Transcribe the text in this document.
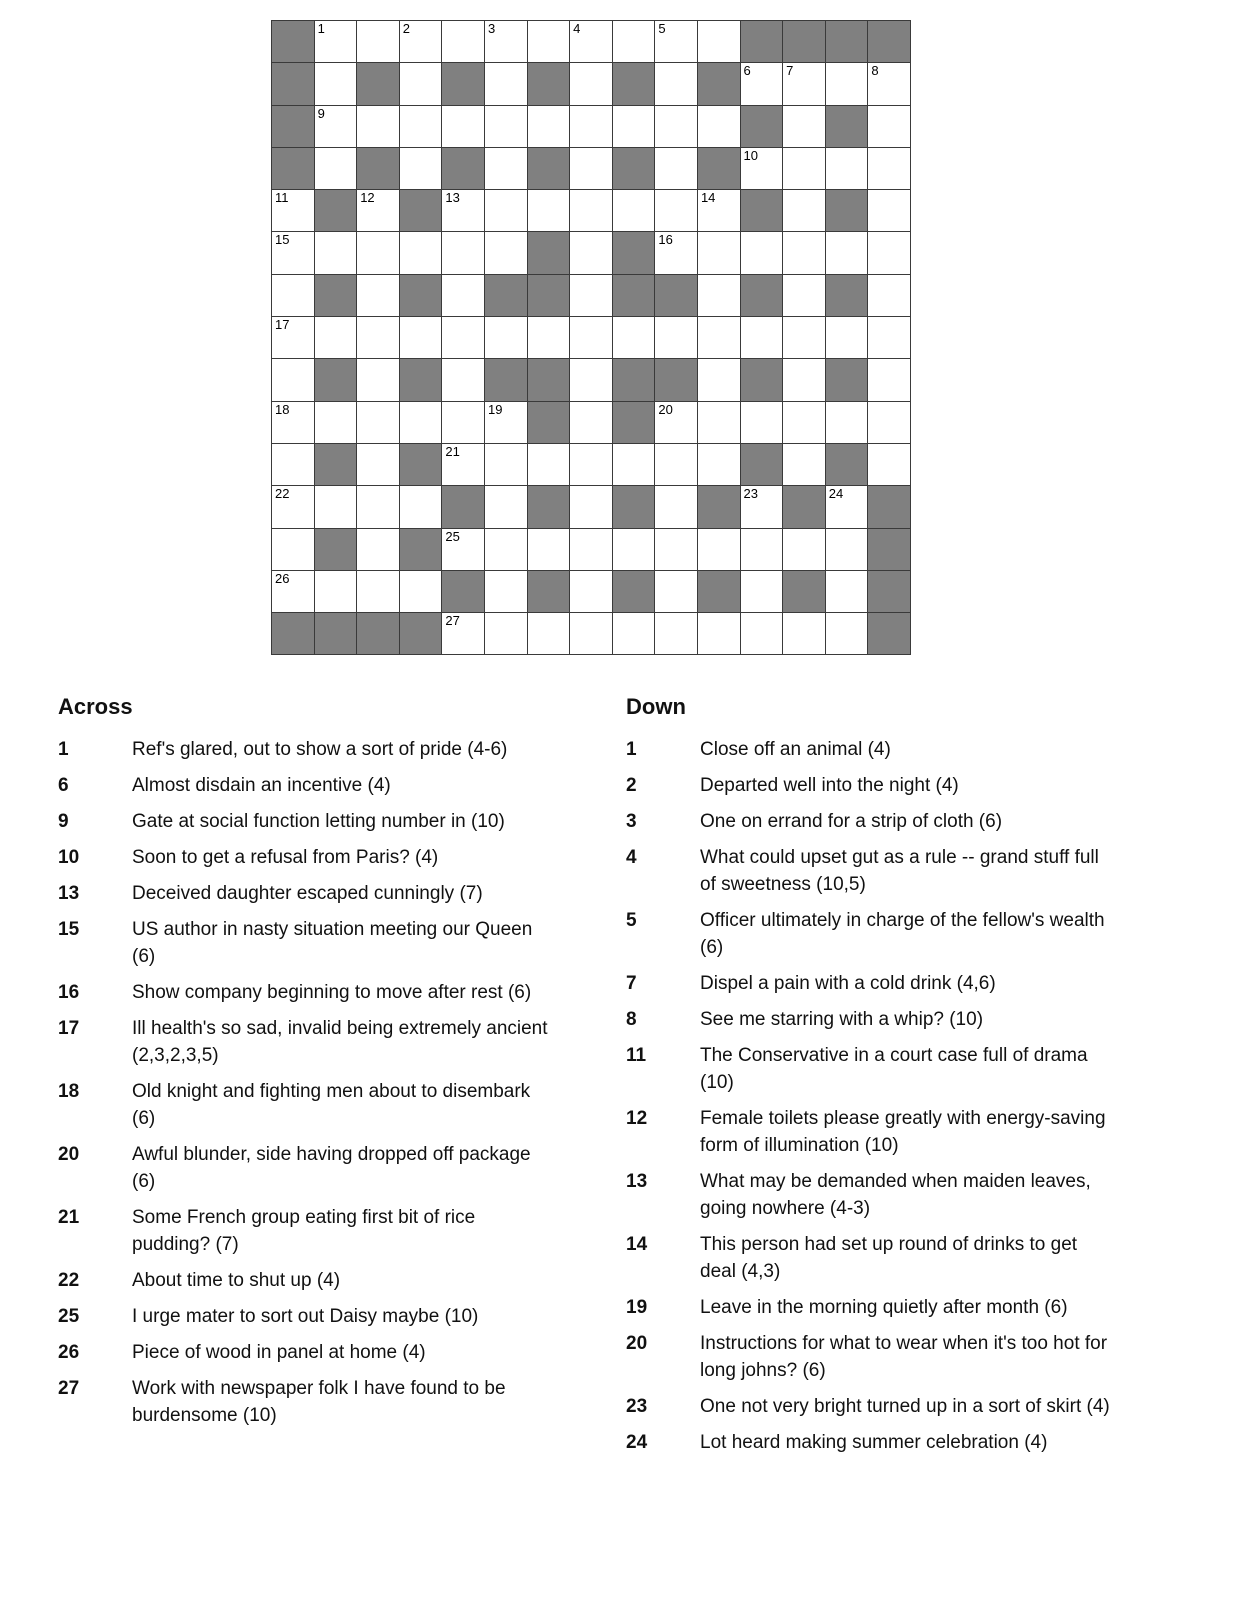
1	2	3	4	5
6	7	8
9
10
11	12	13	14
15	16
17
18	19	20
21
22	23	24
25
26
27
Across
1	Ref's glared, out to show a sort of pride (4-6)
6	Almost disdain an incentive (4)
9	Gate at social function letting number in (10)
10	Soon to get a refusal from Paris? (4)
13	Deceived daughter escaped cunningly (7)
15	US author in nasty situation meeting our Queen (6)
16	Show company beginning to move after rest (6)
17	Ill health's so sad, invalid being extremely ancient (2,3,2,3,5)
18	Old knight and fighting men about to disembark (6)
20	Awful blunder, side having dropped off package (6)
21	Some French group eating first bit of rice pudding? (7)
22	About time to shut up (4)
25	I urge mater to sort out Daisy maybe (10)
26	Piece of wood in panel at home (4)
27	Work with newspaper folk I have found to be burdensome (10)
Down
1	Close off an animal (4)
2	Departed well into the night (4)
3	One on errand for a strip of cloth (6)
4	What could upset gut as a rule -- grand stuff full of sweetness (10,5)
5	Officer ultimately in charge of the fellow's wealth (6)
7	Dispel a pain with a cold drink (4,6)
8	See me starring with a whip? (10)
11	The Conservative in a court case full of drama (10)
12	Female toilets please greatly with energy-saving form of illumination (10)
13	What may be demanded when maiden leaves, going nowhere (4-3)
14	This person had set up round of drinks to get deal (4,3)
19	Leave in the morning quietly after month (6)
20	Instructions for what to wear when it's too hot for long johns? (6)
23	One not very bright turned up in a sort of skirt (4)
24	Lot heard making summer celebration (4)
